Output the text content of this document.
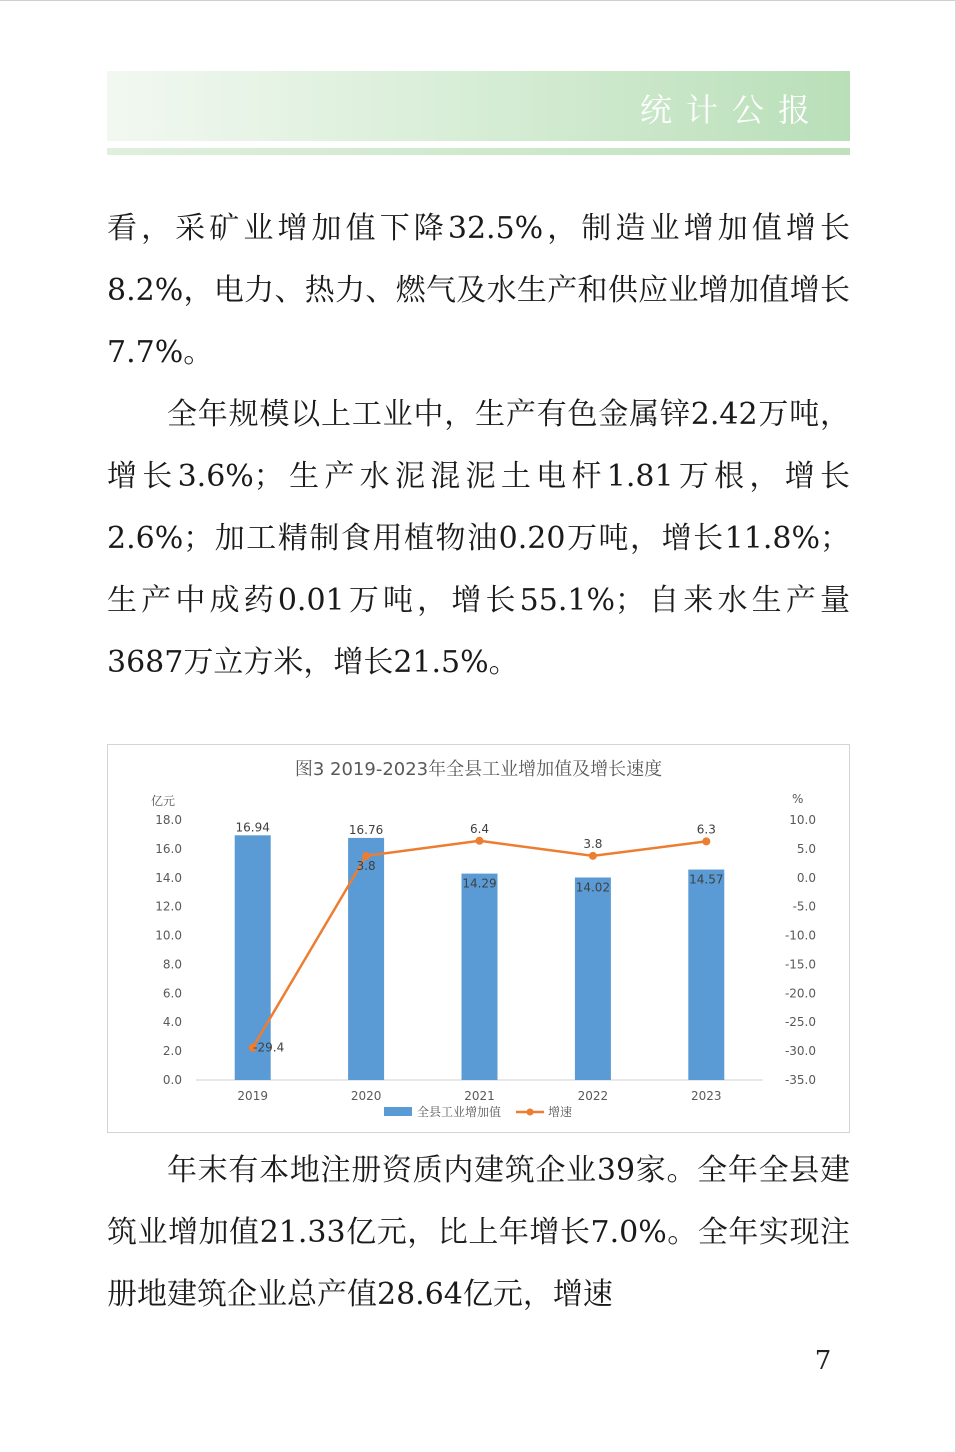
统计公报

看，采矿业增加值下降32.5%，制造业增加值增长8.2%，电力、热力、燃气及水生产和供应业增加值增长7.7%。

全年规模以上工业中，生产有色金属锌2.42万吨，增长3.6%；生产水泥混泥土电杆1.81万根，增长2.6%；加工精制食用植物油0.20万吨，增长11.8%；生产中成药0.01万吨，增长55.1%；自来水生产量3687万立方米，增长21.5%。

图3 2019-2023年全县工业增加值及增长速度
亿元
0.0
2.0
4.0
6.0
8.0
10.0
12.0
14.0
16.0
18.0
%
-35.0
-30.0
-25.0
-20.0
-15.0
-10.0
-5.0
0.0
5.0
10.0
2019	2020	2021	2022	2023
16.94	16.76
14.29	14.02
14.57
-29.4
3.8
6.4
3.8
6.3
全县工业增加值	增速

年末有本地注册资质内建筑企业39家。全年全县建筑业增加值21.33亿元，比上年增长7.0%。全年实现注册地建筑企业总产值28.64亿元，增速

7
